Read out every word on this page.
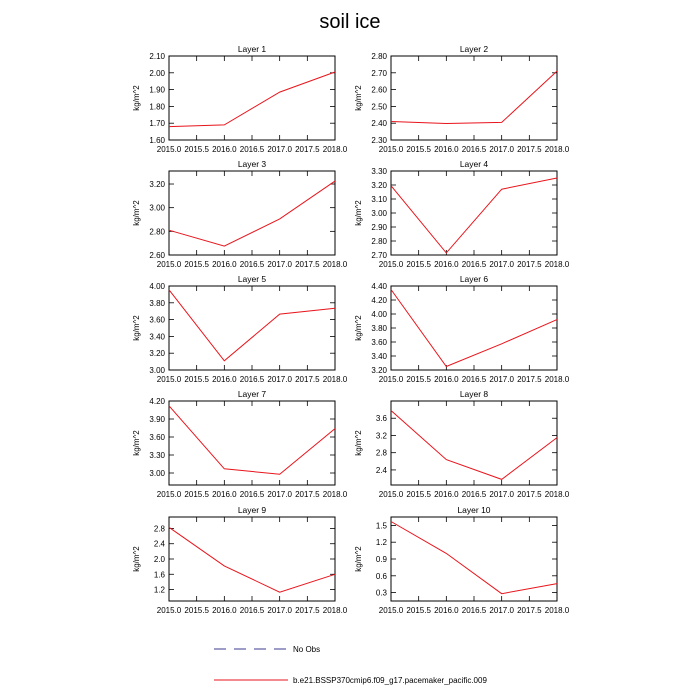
soil ice
Layer 1
1.60
1.70
1.80
1.90
2.00
2.10
2015.0 2015.5 2016.0 2016.5 2017.0 2017.5 2018.0
kg/m^2
Layer 2
2.30
2.40
2.50
2.60
2.70
2.80
2015.0 2015.5 2016.0 2016.5 2017.0 2017.5 2018.0
kg/m^2
Layer 3
2.60
2.80
3.00
3.20
2015.0 2015.5 2016.0 2016.5 2017.0 2017.5 2018.0
kg/m^2
Layer 4
2.70
2.80
2.90
3.00
3.10
3.20
3.30
2015.0 2015.5 2016.0 2016.5 2017.0 2017.5 2018.0
kg/m^2
Layer 5
3.00
3.20
3.40
3.60
3.80
4.00
2015.0 2015.5 2016.0 2016.5 2017.0 2017.5 2018.0
kg/m^2
Layer 6
3.20
3.40
3.60
3.80
4.00
4.20
4.40
2015.0 2015.5 2016.0 2016.5 2017.0 2017.5 2018.0
kg/m^2
Layer 7
3.00
3.30
3.60
3.90
4.20
2015.0 2015.5 2016.0 2016.5 2017.0 2017.5 2018.0
kg/m^2
Layer 8
2.4
2.8
3.2
3.6
2015.0 2015.5 2016.0 2016.5 2017.0 2017.5 2018.0
kg/m^2
Layer 9
1.2
1.6
2.0
2.4
2.8
2015.0 2015.5 2016.0 2016.5 2017.0 2017.5 2018.0
kg/m^2
Layer 10
0.3
0.6
0.9
1.2
1.5
2015.0 2015.5 2016.0 2016.5 2017.0 2017.5 2018.0
kg/m^2
No Obs
b.e21.BSSP370cmip6.f09_g17.pacemaker_pacific.009
